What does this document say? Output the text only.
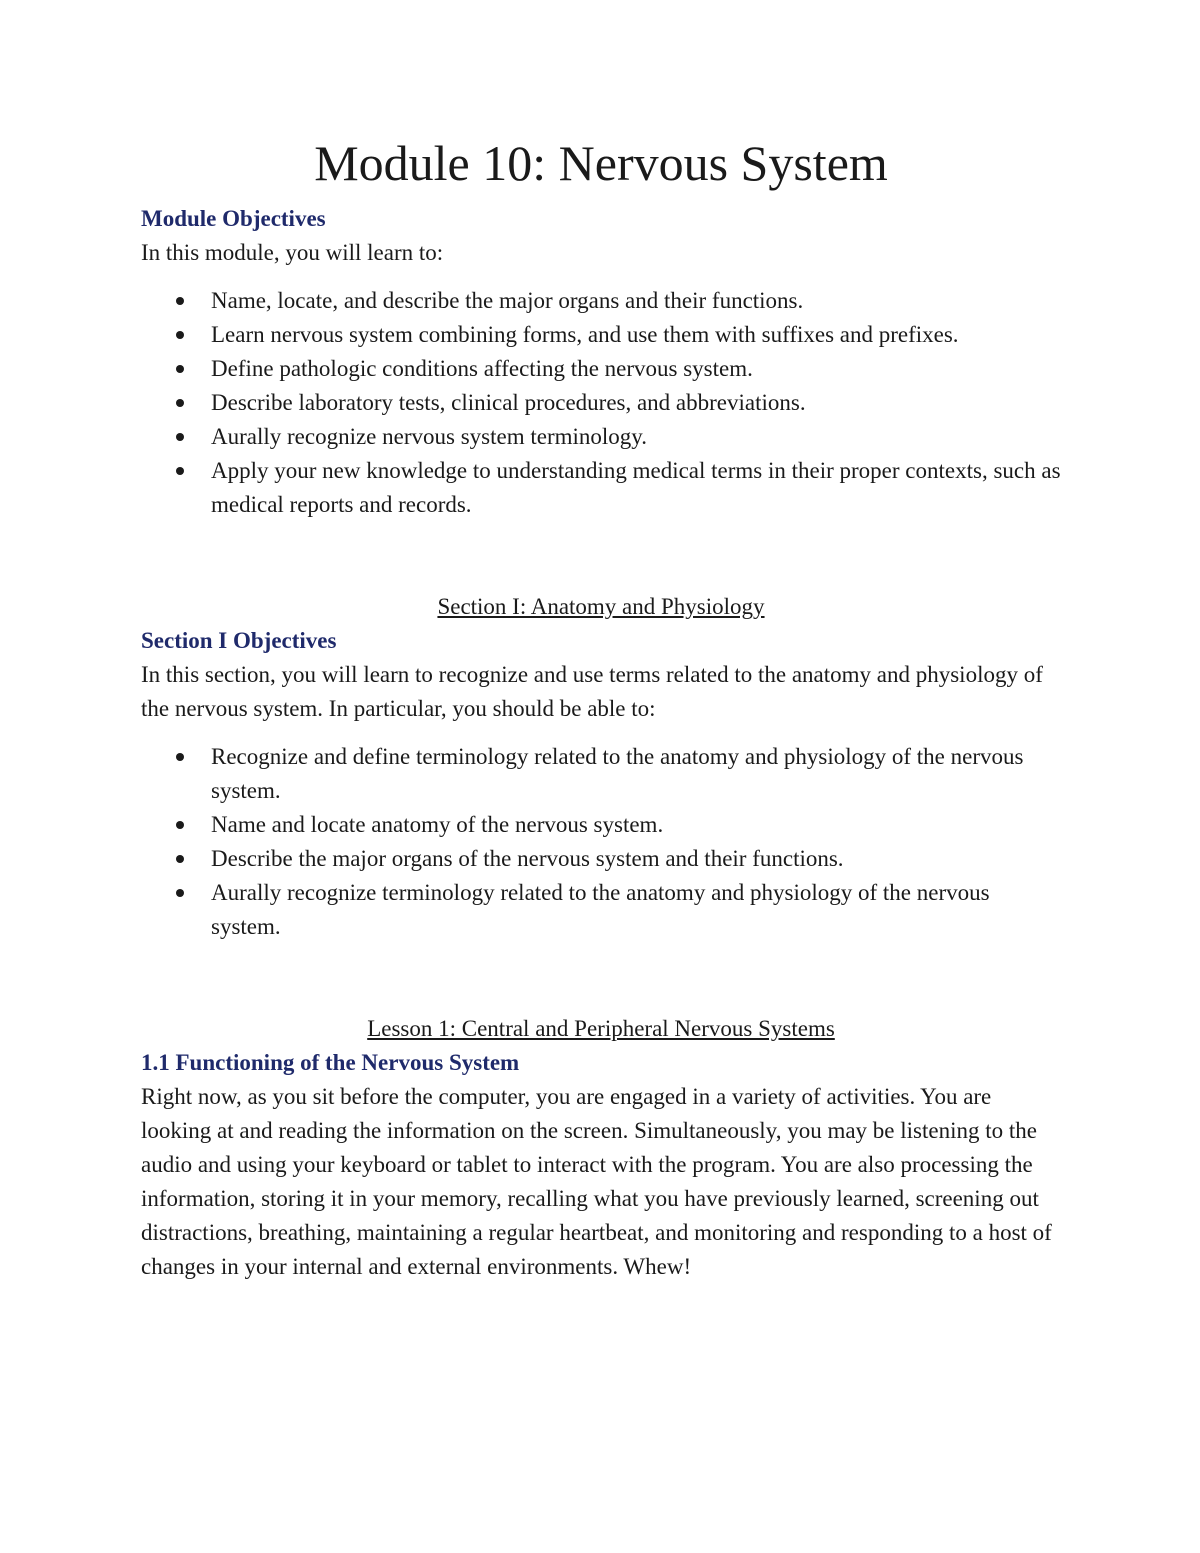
Module 10: Nervous System

Module Objectives

In this module, you will learn to:

Name, locate, and describe the major organs and their functions.
Learn nervous system combining forms, and use them with suffixes and prefixes.
Define pathologic conditions affecting the nervous system.
Describe laboratory tests, clinical procedures, and abbreviations.
Aurally recognize nervous system terminology.
Apply your new knowledge to understanding medical terms in their proper contexts, such as medical reports and records.

Section I: Anatomy and Physiology

Section I Objectives

In this section, you will learn to recognize and use terms related to the anatomy and physiology of the nervous system. In particular, you should be able to:

Recognize and define terminology related to the anatomy and physiology of the nervous system.
Name and locate anatomy of the nervous system.
Describe the major organs of the nervous system and their functions.
Aurally recognize terminology related to the anatomy and physiology of the nervous system.

Lesson 1: Central and Peripheral Nervous Systems

1.1 Functioning of the Nervous System

Right now, as you sit before the computer, you are engaged in a variety of activities. You are looking at and reading the information on the screen. Simultaneously, you may be listening to the audio and using your keyboard or tablet to interact with the program. You are also processing the information, storing it in your memory, recalling what you have previously learned, screening out distractions, breathing, maintaining a regular heartbeat, and monitoring and responding to a host of changes in your internal and external environments. Whew!
